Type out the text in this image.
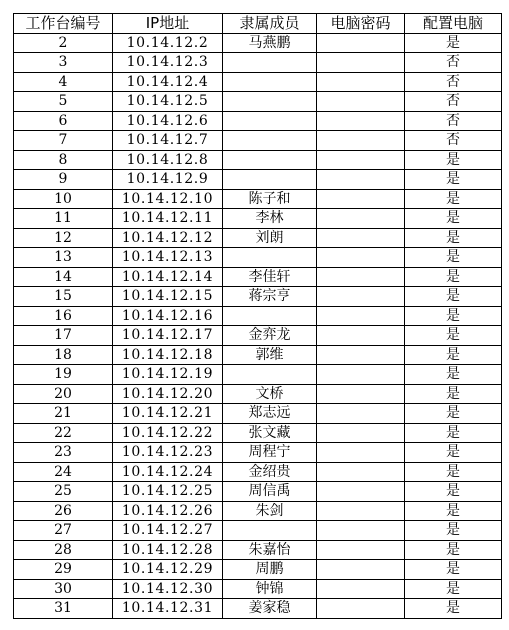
工作台编号	IP地址	隶属成员	电脑密码	配置电脑
2	10.14.12.2	马燕鹏		是
3	10.14.12.3			否
4	10.14.12.4			否
5	10.14.12.5			否
6	10.14.12.6			否
7	10.14.12.7			否
8	10.14.12.8			是
9	10.14.12.9			是
10	10.14.12.10	陈子和		是
11	10.14.12.11	李林		是
12	10.14.12.12	刘朗		是
13	10.14.12.13			是
14	10.14.12.14	李佳轩		是
15	10.14.12.15	蒋宗亨		是
16	10.14.12.16			是
17	10.14.12.17	金弈龙		是
18	10.14.12.18	郭维		是
19	10.14.12.19			是
20	10.14.12.20	文桥		是
21	10.14.12.21	郑志远		是
22	10.14.12.22	张文藏		是
23	10.14.12.23	周程宁		是
24	10.14.12.24	金绍贵		是
25	10.14.12.25	周信禹		是
26	10.14.12.26	朱剑		是
27	10.14.12.27			是
28	10.14.12.28	朱嘉怡		是
29	10.14.12.29	周鹏		是
30	10.14.12.30	钟锦		是
31	10.14.12.31	姜家稳		是
